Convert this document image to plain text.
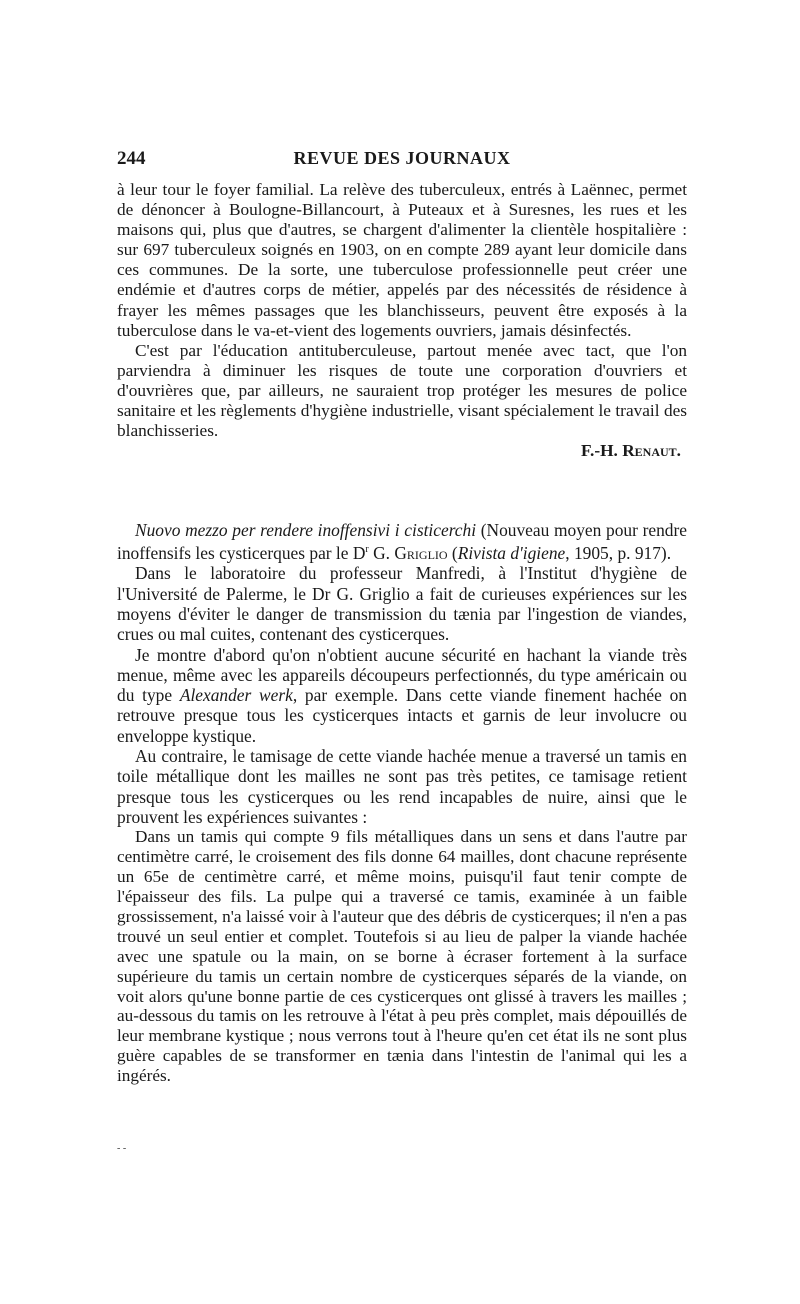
244	REVUE DES JOURNAUX

à leur tour le foyer familial. La relève des tuberculeux, entrés à Laënnec, permet de dénoncer à Boulogne-Billancourt, à Puteaux et à Suresnes, les rues et les maisons qui, plus que d'autres, se chargent d'alimenter la clientèle hospitalière : sur 697 tuberculeux soignés en 1903, on en compte 289 ayant leur domicile dans ces communes. De la sorte, une tuberculose professionnelle peut créer une endémie et d'autres corps de métier, appelés par des nécessités de résidence à frayer les mêmes passages que les blanchisseurs, peuvent être exposés à la tuberculose dans le va-et-vient des logements ouvriers, jamais désinfectés.

C'est par l'éducation antituberculeuse, partout menée avec tact, que l'on parviendra à diminuer les risques de toute une corporation d'ouvriers et d'ouvrières que, par ailleurs, ne sauraient trop protéger les mesures de police sanitaire et les règlements d'hygiène industrielle, visant spécialement le travail des blanchisseries.

F.-H. Renaut.

Nuovo mezzo per rendere inoffensivi i cisticerchi (Nouveau moyen pour rendre inoffensifs les cysticerques par le $D^r$ G. Griglio (Rivista d'igiene, 1905, p. 917).

Dans le laboratoire du professeur Manfredi, à l'Institut d'hygiène de l'Université de Palerme, le Dr G. Griglio a fait de curieuses expériences sur les moyens d'éviter le danger de transmission du tænia par l'ingestion de viandes, crues ou mal cuites, contenant des cysticerques.

Je montre d'abord qu'on n'obtient aucune sécurité en hachant la viande très menue, même avec les appareils découpeurs perfectionnés, du type américain ou du type Alexander werk, par exemple. Dans cette viande finement hachée on retrouve presque tous les cysticerques intacts et garnis de leur involucre ou enveloppe kystique.

Au contraire, le tamisage de cette viande hachée menue a traversé un tamis en toile métallique dont les mailles ne sont pas très petites, ce tamisage retient presque tous les cysticerques ou les rend incapables de nuire, ainsi que le prouvent les expériences suivantes :

Dans un tamis qui compte 9 fils métalliques dans un sens et dans l'autre par centimètre carré, le croisement des fils donne 64 mailles, dont chacune représente un 65e de centimètre carré, et même moins, puisqu'il faut tenir compte de l'épaisseur des fils. La pulpe qui a traversé ce tamis, examinée à un faible grossissement, n'a laissé voir à l'auteur que des débris de cysticerques; il n'en a pas trouvé un seul entier et complet. Toutefois si au lieu de palper la viande hachée avec une spatule ou la main, on se borne à écraser fortement à la surface supérieure du tamis un certain nombre de cysticerques séparés de la viande, on voit alors qu'une bonne partie de ces cysticerques ont glissé à travers les mailles ; au-dessous du tamis on les retrouve à l'état à peu près complet, mais dépouillés de leur membrane kystique ; nous verrons tout à l'heure qu'en cet état ils ne sont plus guère capables de se transformer en tænia dans l'intestin de l'animal qui les a ingérés.

- -
